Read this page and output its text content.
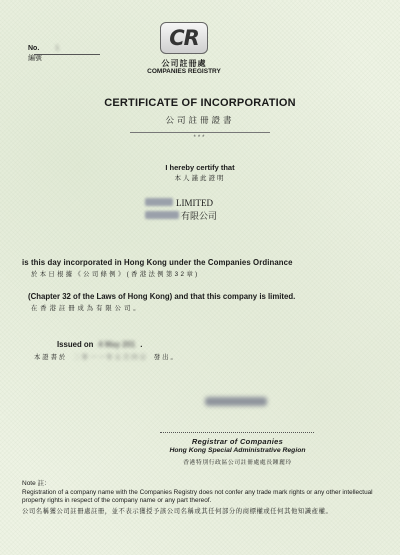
No. 1
編號
CR
公司註冊處
COMPANIES REGISTRY
CERTIFICATE OF INCORPORATION
公司註冊證書
***
I hereby certify that
本人謹此證明
LIMITED
有限公司
is this day incorporated in Hong Kong under the Companies Ordinance
於本日根據《公司條例》(香港法例第32章)
(Chapter 32 of the Laws of Hong Kong) and that this company is limited.
在香港註冊成為有限公司。
Issued on 4 May 201 .
本證書於 二零一一年五月四日 發出。
Registrar of Companies
Hong Kong Special Administrative Region
香港特別行政區公司註冊處處長鍾麗玲
Note 註：
Registration of a company name with the Companies Registry does not confer any trade mark rights or any other intellectual property rights in respect of the company name or any part thereof.
公司名稱獲公司註冊處註冊，並不表示獲授予該公司名稱或其任何部分的商標權或任何其他知識產權。
